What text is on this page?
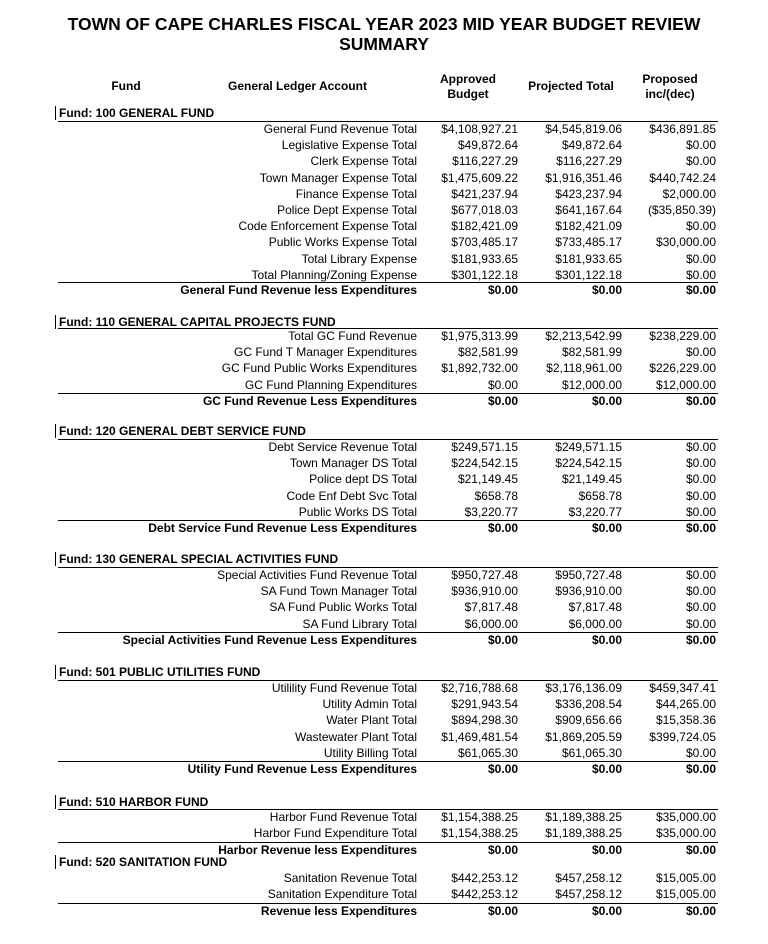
TOWN OF CAPE CHARLES FISCAL YEAR 2023 MID YEAR BUDGET REVIEW
SUMMARY
Fund	General Ledger Account	Approved
Budget
Projected Total	Proposed
inc/(dec)
Fund: 100 GENERAL FUND
General Fund Revenue Total $4,108,927.21 $4,545,819.06 $436,891.85
Legislative Expense Total	$49,872.64	$49,872.64	$0.00
Clerk Expense Total	$116,227.29	$116,227.29	$0.00
Town Manager Expense Total $1,475,609.22 $1,916,351.46 $440,742.24
Finance Expense Total	$421,237.94	$423,237.94	$2,000.00
Police Dept Expense Total	$677,018.03	$641,167.64 ($35,850.39)
Code Enforcement Expense Total	$182,421.09	$182,421.09	$0.00
Public Works Expense Total	$703,485.17	$733,485.17	$30,000.00
Total Library Expense	$181,933.65	$181,933.65	$0.00
Total Planning/Zoning Expense	$301,122.18	$301,122.18	$0.00
General Fund Revenue less Expenditures	$0.00	$0.00	$0.00
Fund: 110 GENERAL CAPITAL PROJECTS FUND
Total GC Fund Revenue $1,975,313.99 $2,213,542.99 $238,229.00
GC Fund T Manager Expenditures	$82,581.99	$82,581.99	$0.00
GC Fund Public Works Expenditures $1,892,732.00 $2,118,961.00 $226,229.00
GC Fund Planning Expenditures	$0.00	$12,000.00	$12,000.00
GC Fund Revenue Less Expenditures	$0.00	$0.00	$0.00
Fund: 120 GENERAL DEBT SERVICE FUND
Debt Service Revenue Total	$249,571.15	$249,571.15	$0.00
Town Manager DS Total	$224,542.15	$224,542.15	$0.00
Police dept DS Total	$21,149.45	$21,149.45	$0.00
Code Enf Debt Svc Total	$658.78	$658.78	$0.00
Public Works DS Total	$3,220.77	$3,220.77	$0.00
Debt Service Fund Revenue Less Expenditures	$0.00	$0.00	$0.00
Fund: 130 GENERAL SPECIAL ACTIVITIES FUND
Special Activities Fund Revenue Total	$950,727.48	$950,727.48	$0.00
SA Fund Town Manager Total	$936,910.00	$936,910.00	$0.00
SA Fund Public Works Total	$7,817.48	$7,817.48	$0.00
SA Fund Library Total	$6,000.00	$6,000.00	$0.00
Special Activities Fund Revenue Less Expenditures	$0.00	$0.00	$0.00
Fund: 501 PUBLIC UTILITIES FUND
Utilility Fund Revenue Total $2,716,788.68 $3,176,136.09 $459,347.41
Utility Admin Total	$291,943.54	$336,208.54	$44,265.00
Water Plant Total	$894,298.30	$909,656.66	$15,358.36
Wastewater Plant Total $1,469,481.54 $1,869,205.59 $399,724.05
Utility Billing Total	$61,065.30	$61,065.30	$0.00
Utility Fund Revenue Less Expenditures	$0.00	$0.00	$0.00
Fund: 510 HARBOR FUND
Harbor Fund Revenue Total $1,154,388.25 $1,189,388.25	$35,000.00
Harbor Fund Expenditure Total $1,154,388.25 $1,189,388.25	$35,000.00
Harbor Revenue less Expenditures	$0.00	$0.00	$0.00
Fund: 520 SANITATION FUND
Sanitation Revenue Total	$442,253.12	$457,258.12	$15,005.00
Sanitation Expenditure Total	$442,253.12	$457,258.12	$15,005.00
Revenue less Expenditures	$0.00	$0.00	$0.00
